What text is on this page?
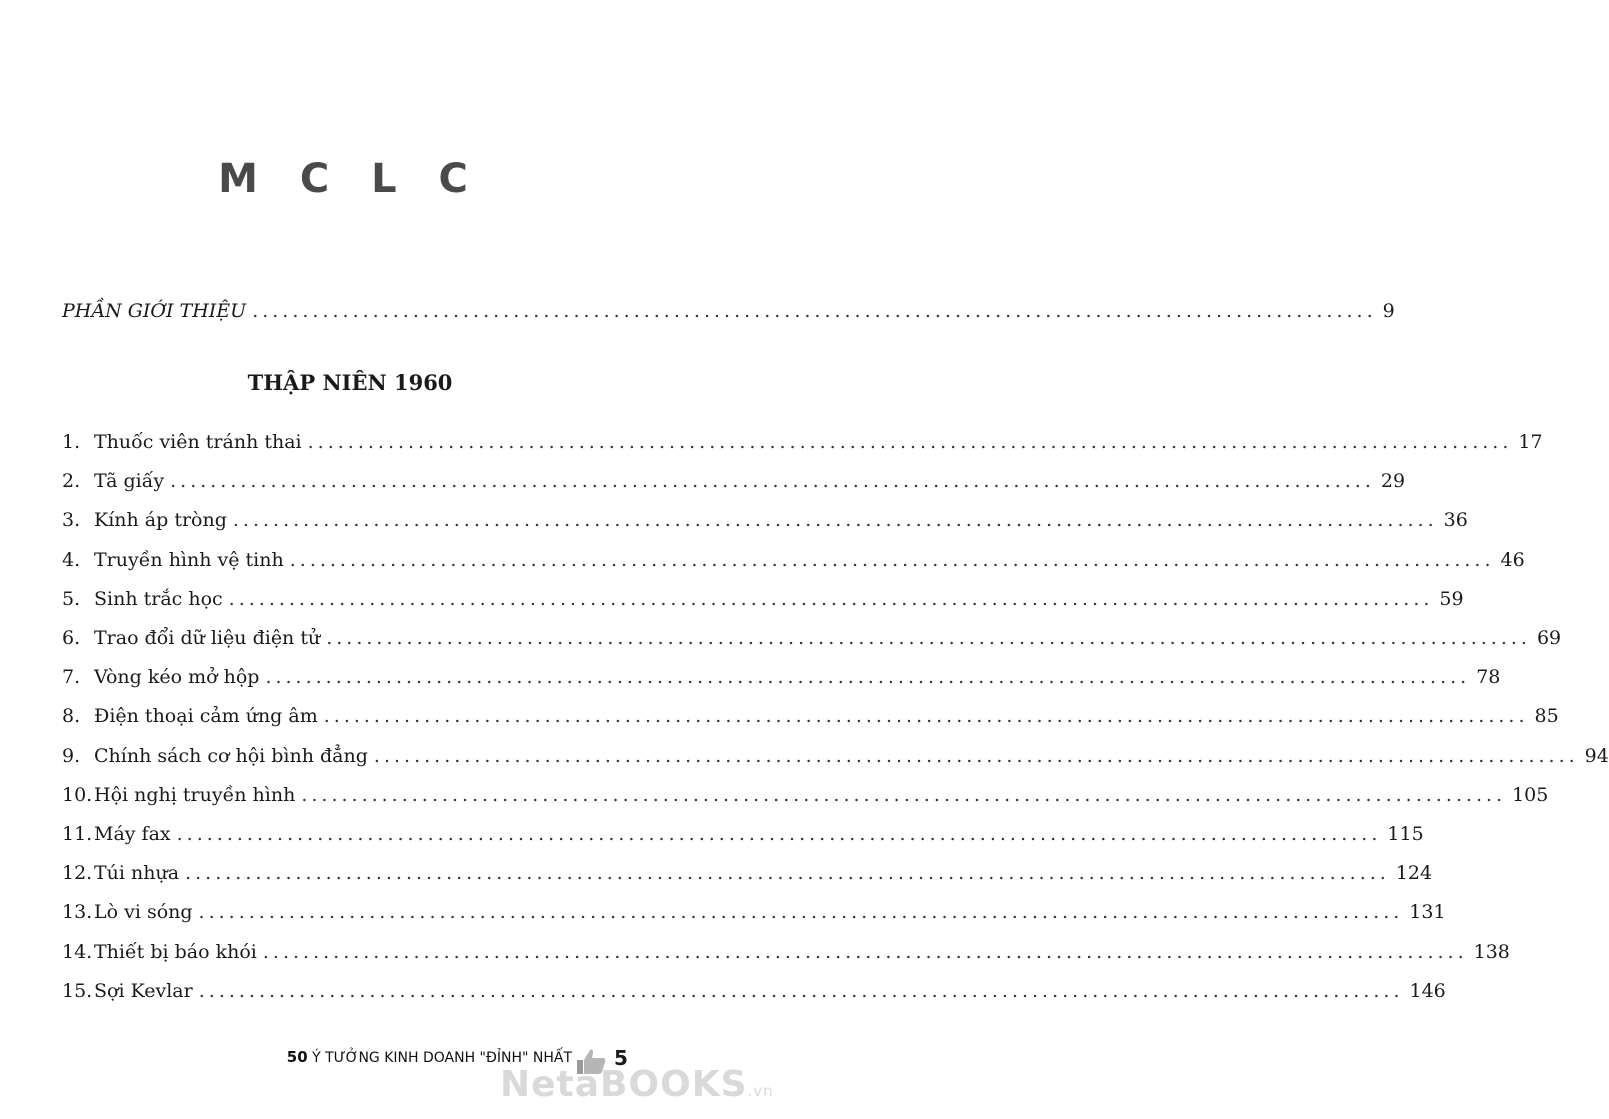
M C L C
PHẦN GIỚI THIỆU ................................................................................................................ 9
THẬP NIÊN 1960
1. Thuốc viên tránh thai ........................................................................................................................ 17
2. Tã giấy ........................................................................................................................ 29
3. Kính áp tròng ........................................................................................................................ 36
4. Truyền hình vệ tinh ........................................................................................................................ 46
5. Sinh trắc học ........................................................................................................................ 59
6. Trao đổi dữ liệu điện tử ........................................................................................................................ 69
7. Vòng kéo mở hộp ........................................................................................................................ 78
8. Điện thoại cảm ứng âm ........................................................................................................................ 85
9. Chính sách cơ hội bình đẳng ........................................................................................................................ 94
10. Hội nghị truyền hình ........................................................................................................................ 105
11. Máy fax ........................................................................................................................ 115
12. Túi nhựa ........................................................................................................................ 124
13. Lò vi sóng ........................................................................................................................ 131
14. Thiết bị báo khói ........................................................................................................................ 138
15. Sợi Kevlar ........................................................................................................................ 146
50 Ý TƯỞNG KINH DOANH "ĐỈNH" NHẤT 5
NetaBOOKS.vn
